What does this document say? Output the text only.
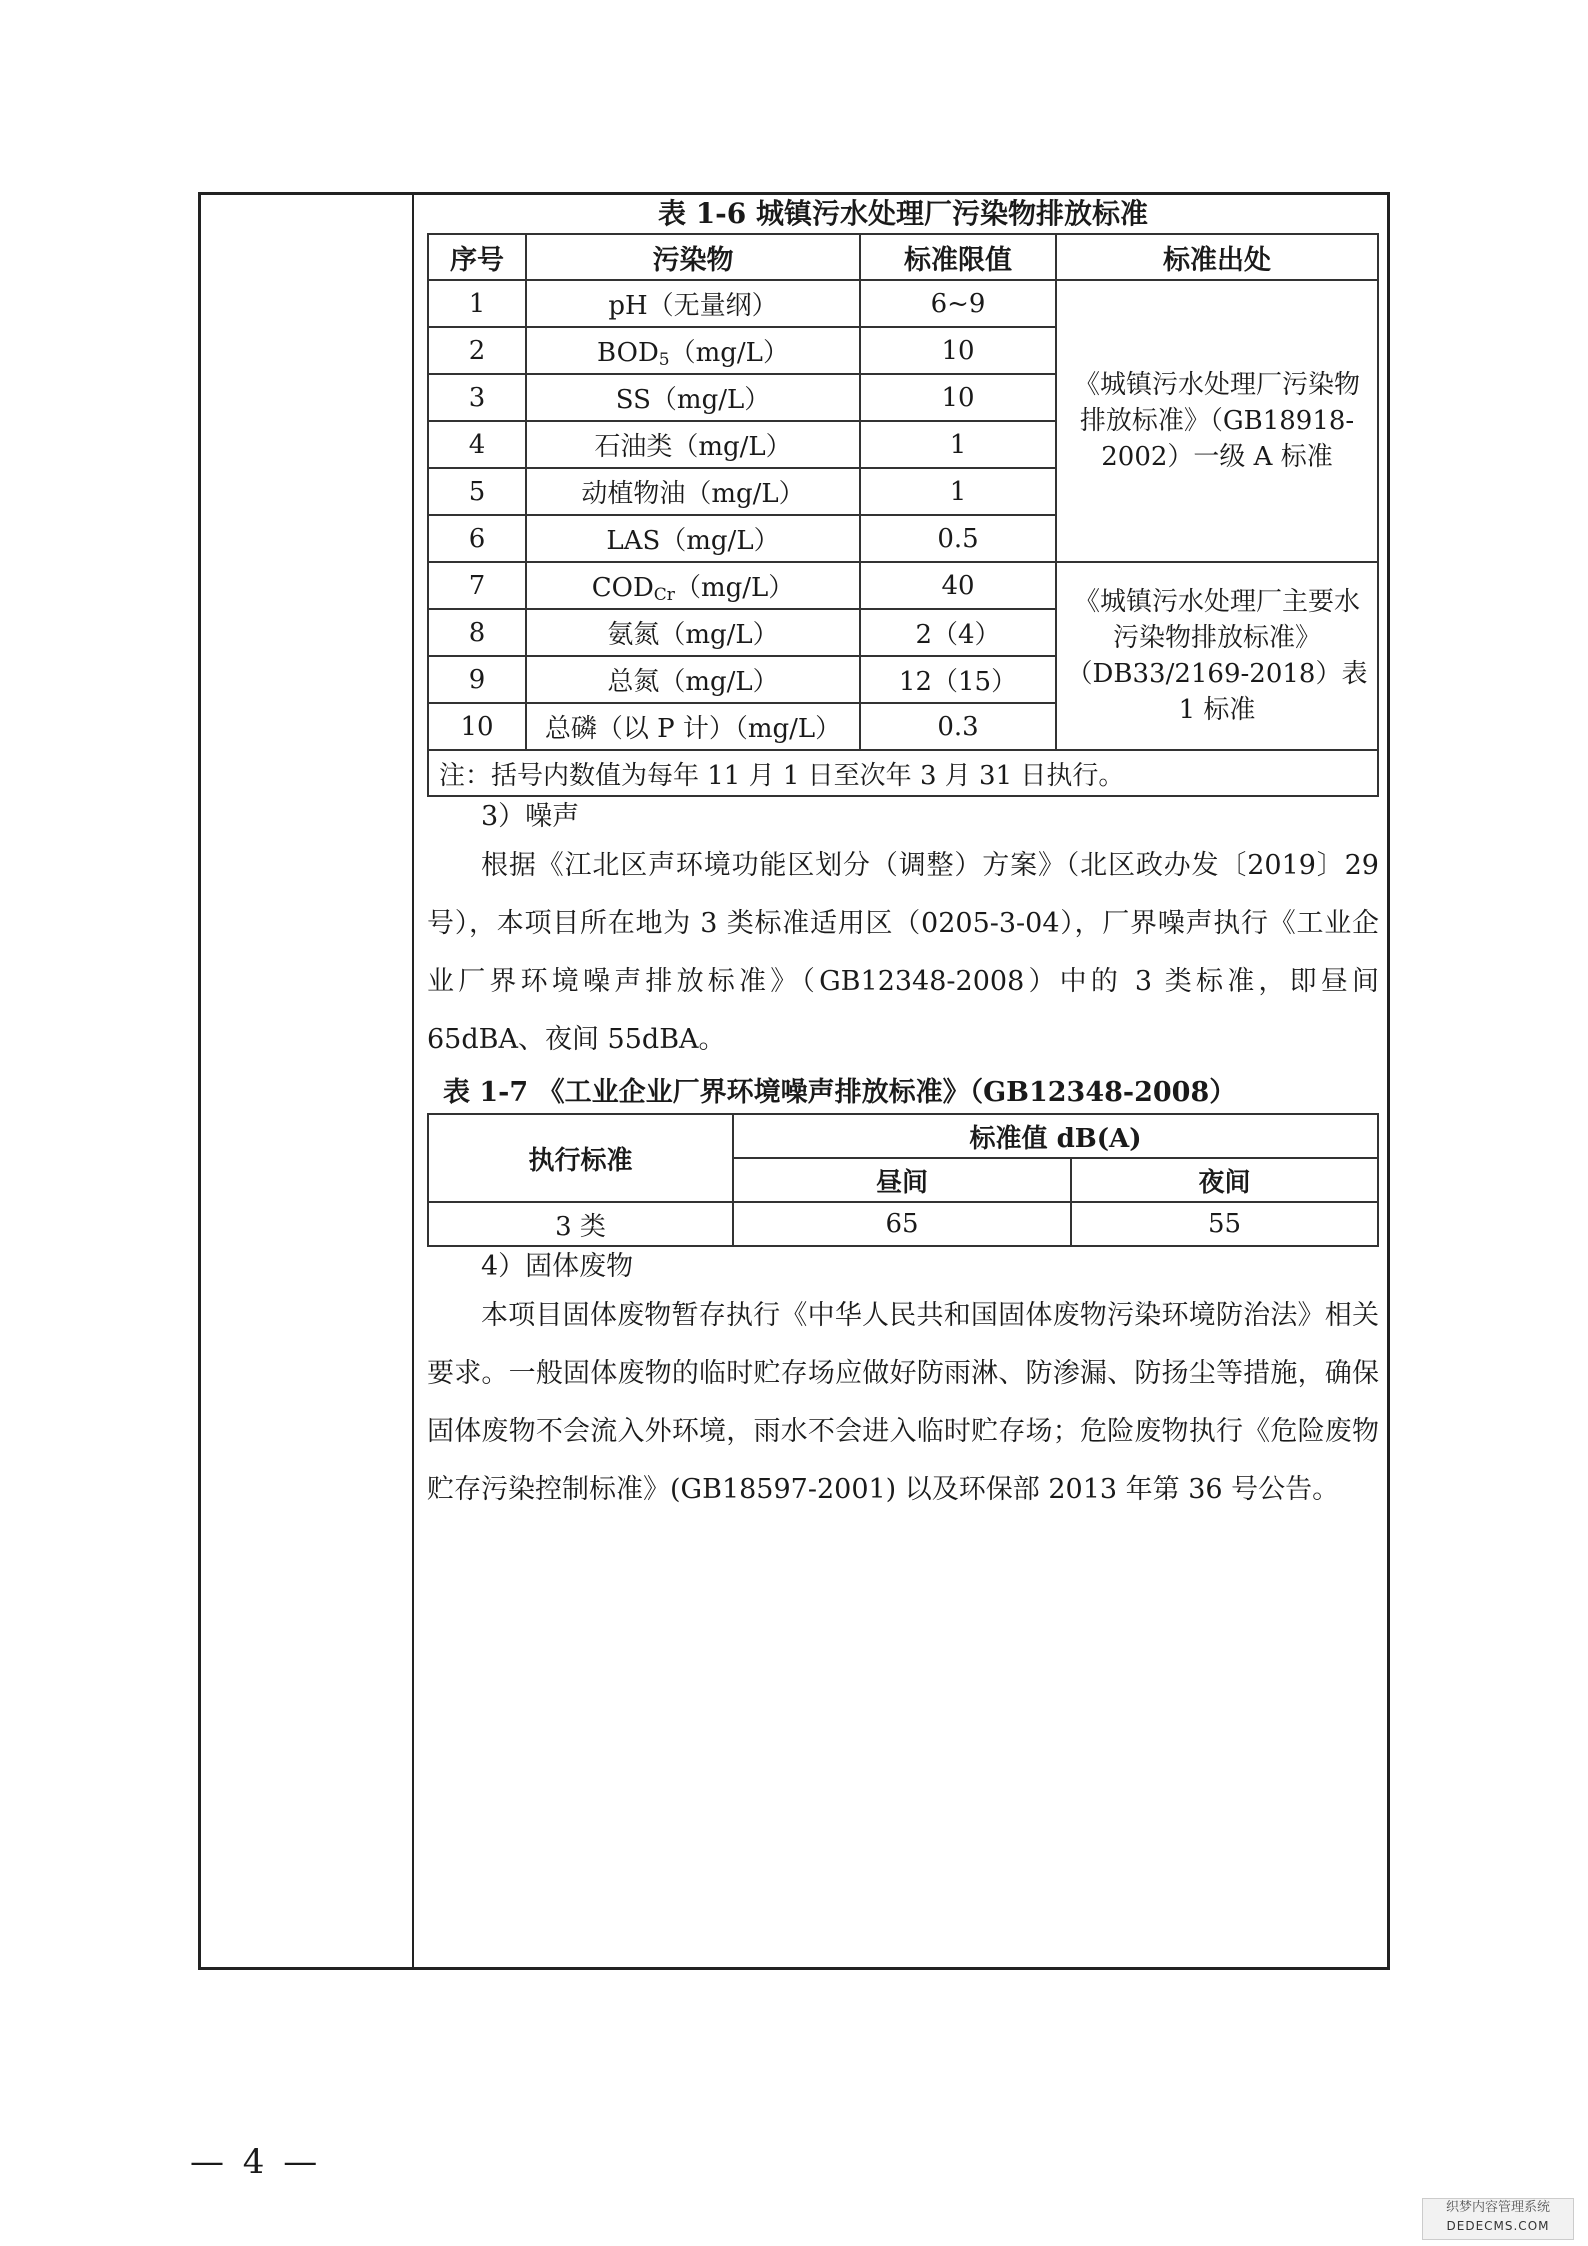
表 1-6 城镇污水处理厂污染物排放标准

序号	污染物	标准限值	标准出处
1	pH（无量纲）	6~9	《城镇污水处理厂污染物排放标准》（GB18918-2002）一级 A 标准
2	$BOD_5(mg/L)$	10	
3	SS（mg/L）	10	
4	石油类（mg/L）	1	
5	动植物油（mg/L）	1	
6	LAS（mg/L）	0.5	
7	$COD_{Cr}(mg/L)$	40	《城镇污水处理厂主要水污染物排放标准》（DB33/2169-2018）表 1 标准
8	氨氮（mg/L）	2（4）	
9	总氮（mg/L）	12（15）	
10	总磷（以 P 计）（mg/L）	0.3	
注：括号内数值为每年 11 月 1 日至次年 3 月 31 日执行。			

3）噪声

根据《江北区声环境功能区划分（调整）方案》（北区政办发〔2019〕29 号），本项目所在地为 3 类标准适用区（0205-3-04），厂界噪声执行《工业企业厂界环境噪声排放标准》（GB12348-2008）中的 3 类标准，即昼间 65dBA、夜间 55dBA。

表 1-7 《工业企业厂界环境噪声排放标准》（GB12348-2008）

执行标准	标准值 dB(A)	
	昼间	夜间
3 类	65	55

4）固体废物

本项目固体废物暂存执行《中华人民共和国固体废物污染环境防治法》相关要求。一般固体废物的临时贮存场应做好防雨淋、防渗漏、防扬尘等措施，确保固体废物不会流入外环境，雨水不会进入临时贮存场；危险废物执行《危险废物贮存污染控制标准》(GB18597-2001) 以及环保部 2013 年第 36 号公告。

— 4 —
织梦内容管理系统
DEDECMS.COM
